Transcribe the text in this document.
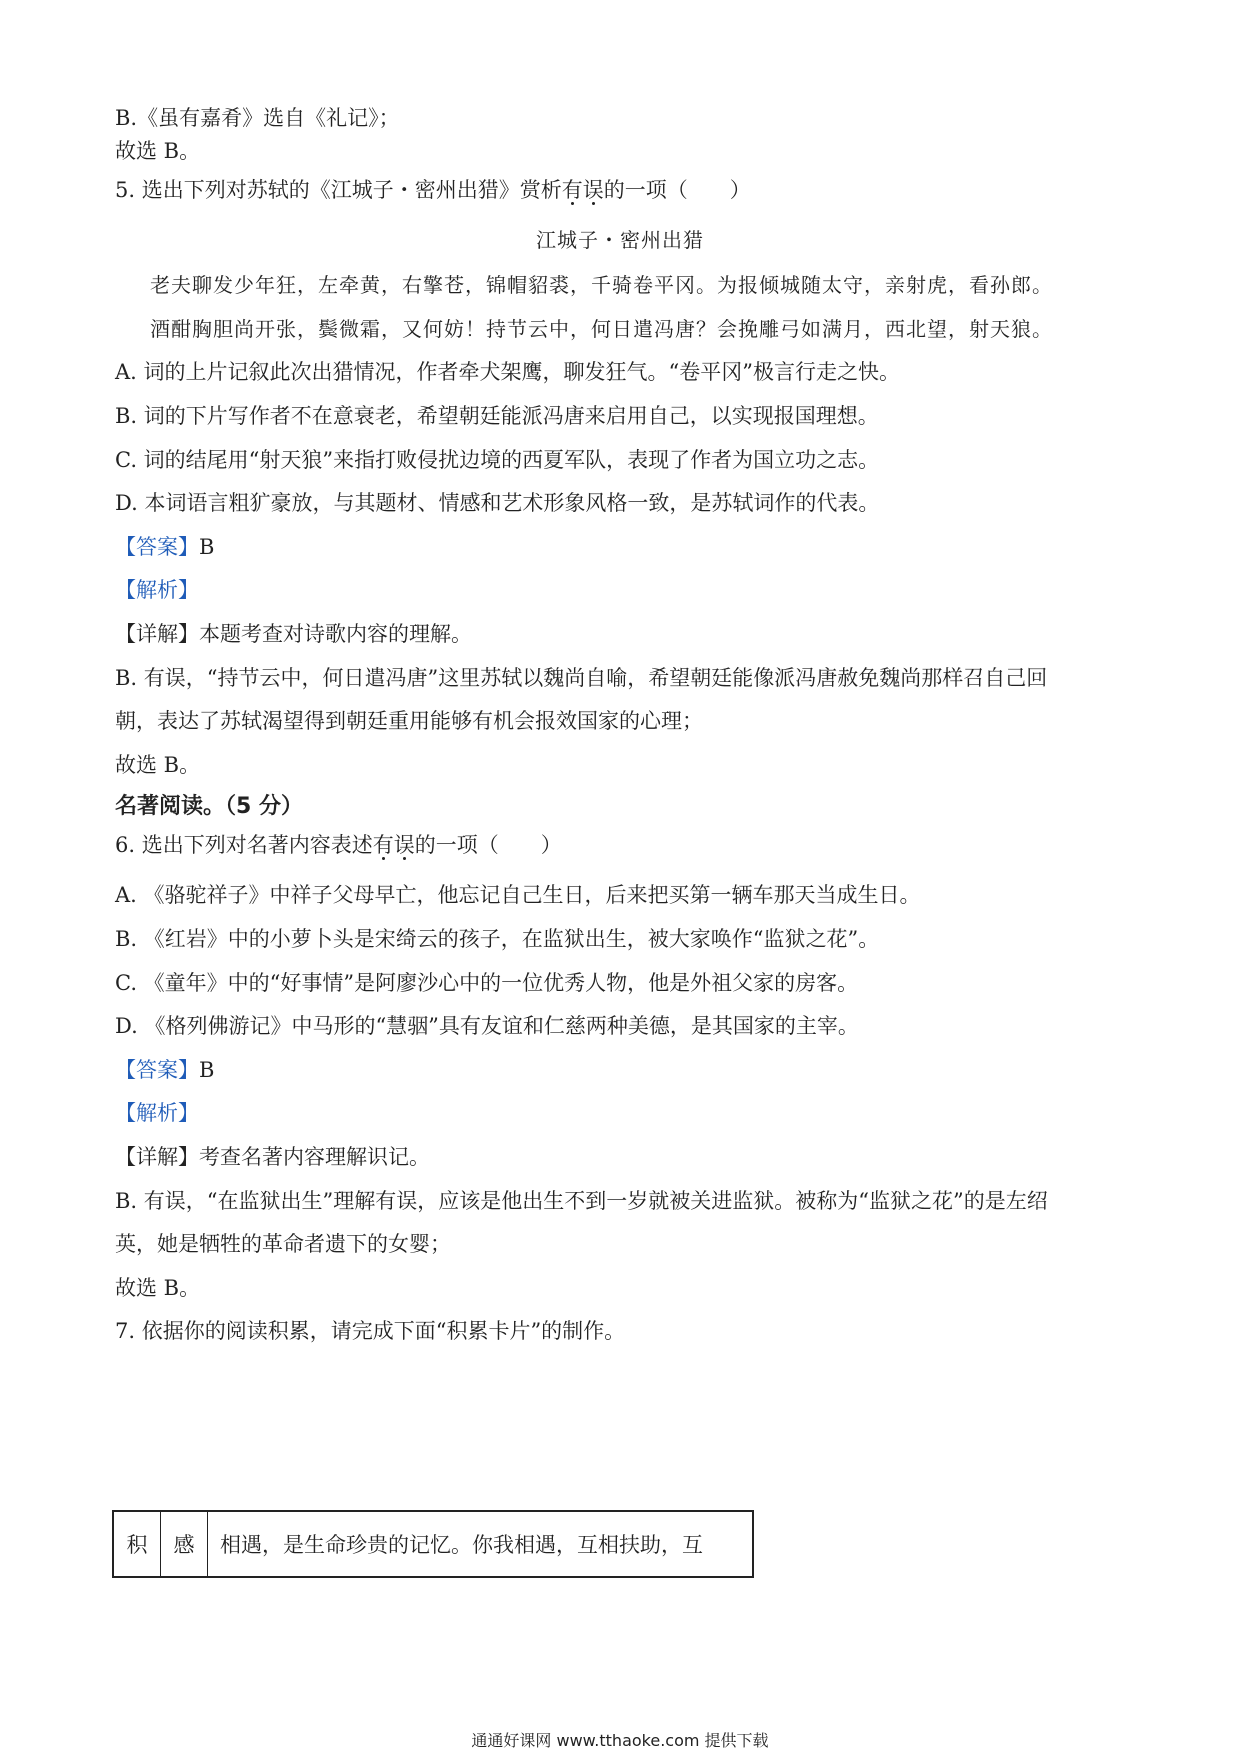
B.《虽有嘉肴》选自《礼记》；
故选 B。
5. 选出下列对苏轼的《江城子・密州出猎》赏析有误的一项（　　）
江城子・密州出猎
老夫聊发少年狂，左牵黄，右擎苍，锦帽貂裘，千骑卷平冈。为报倾城随太守，亲射虎，看孙郎。
酒酣胸胆尚开张，鬓微霜，又何妨！持节云中，何日遣冯唐？会挽雕弓如满月，西北望，射天狼。
A. 词的上片记叙此次出猎情况，作者牵犬架鹰，聊发狂气。“卷平冈”极言行走之快。
B. 词的下片写作者不在意衰老，希望朝廷能派冯唐来启用自己，以实现报国理想。
C. 词的结尾用“射天狼”来指打败侵扰边境的西夏军队，表现了作者为国立功之志。
D. 本词语言粗犷豪放，与其题材、情感和艺术形象风格一致，是苏轼词作的代表。
【答案】B
【解析】
【详解】本题考查对诗歌内容的理解。
B. 有误，“持节云中，何日遣冯唐”这里苏轼以魏尚自喻，希望朝廷能像派冯唐赦免魏尚那样召自己回
朝，表达了苏轼渴望得到朝廷重用能够有机会报效国家的心理；
故选 B。
名著阅读。（5 分）
6. 选出下列对名著内容表述有误的一项（　　）
A. 《骆驼祥子》中祥子父母早亡，他忘记自己生日，后来把买第一辆车那天当成生日。
B. 《红岩》中的小萝卜头是宋绮云的孩子，在监狱出生，被大家唤作“监狱之花”。
C. 《童年》中的“好事情”是阿廖沙心中的一位优秀人物，他是外祖父家的房客。
D. 《格列佛游记》中马形的“慧骃”具有友谊和仁慈两种美德，是其国家的主宰。
【答案】B
【解析】
【详解】考查名著内容理解识记。
B. 有误，“在监狱出生”理解有误，应该是他出生不到一岁就被关进监狱。被称为“监狱之花”的是左绍
英，她是牺牲的革命者遗下的女婴；
故选 B。
7. 依据你的阅读积累，请完成下面“积累卡片”的制作。
积	感	相遇，是生命珍贵的记忆。你我相遇，互相扶助，互
通通好课网 www.tthaoke.com 提供下载
